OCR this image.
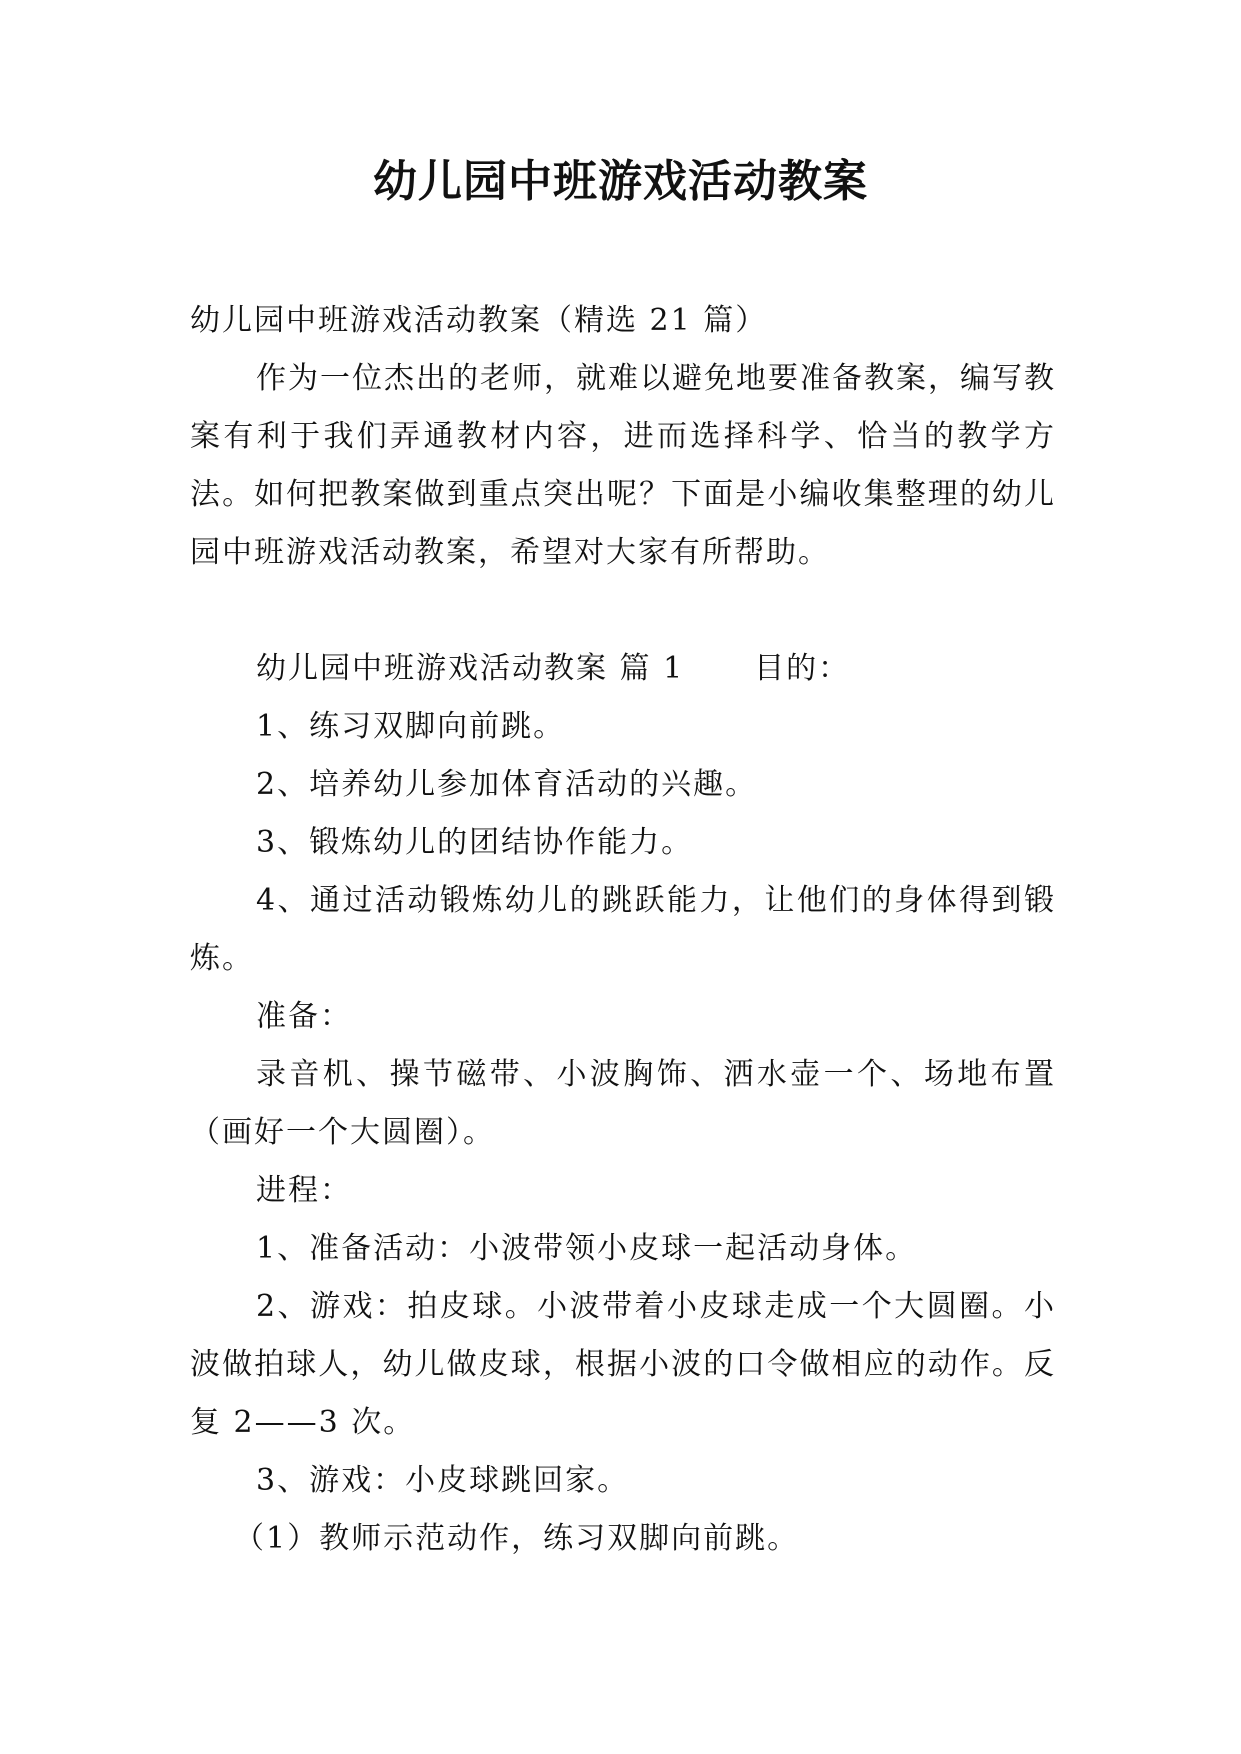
幼儿园中班游戏活动教案

幼儿园中班游戏活动教案（精选 21 篇）

作为一位杰出的老师，就难以避免地要准备教案，编写教案有利于我们弄通教材内容，进而选择科学、恰当的教学方法。如何把教案做到重点突出呢？下面是小编收集整理的幼儿园中班游戏活动教案，希望对大家有所帮助。

幼儿园中班游戏活动教案 篇 1 目的：

1、练习双脚向前跳。

2、培养幼儿参加体育活动的兴趣。

3、锻炼幼儿的团结协作能力。

4、通过活动锻炼幼儿的跳跃能力，让他们的身体得到锻炼。

准备：

录音机、操节磁带、小波胸饰、洒水壶一个、场地布置（画好一个大圆圈）。

进程：

1、准备活动：小波带领小皮球一起活动身体。

2、游戏：拍皮球。小波带着小皮球走成一个大圆圈。小波做拍球人，幼儿做皮球，根据小波的口令做相应的动作。反复 2——3 次。

3、游戏：小皮球跳回家。

（1）教师示范动作，练习双脚向前跳。
